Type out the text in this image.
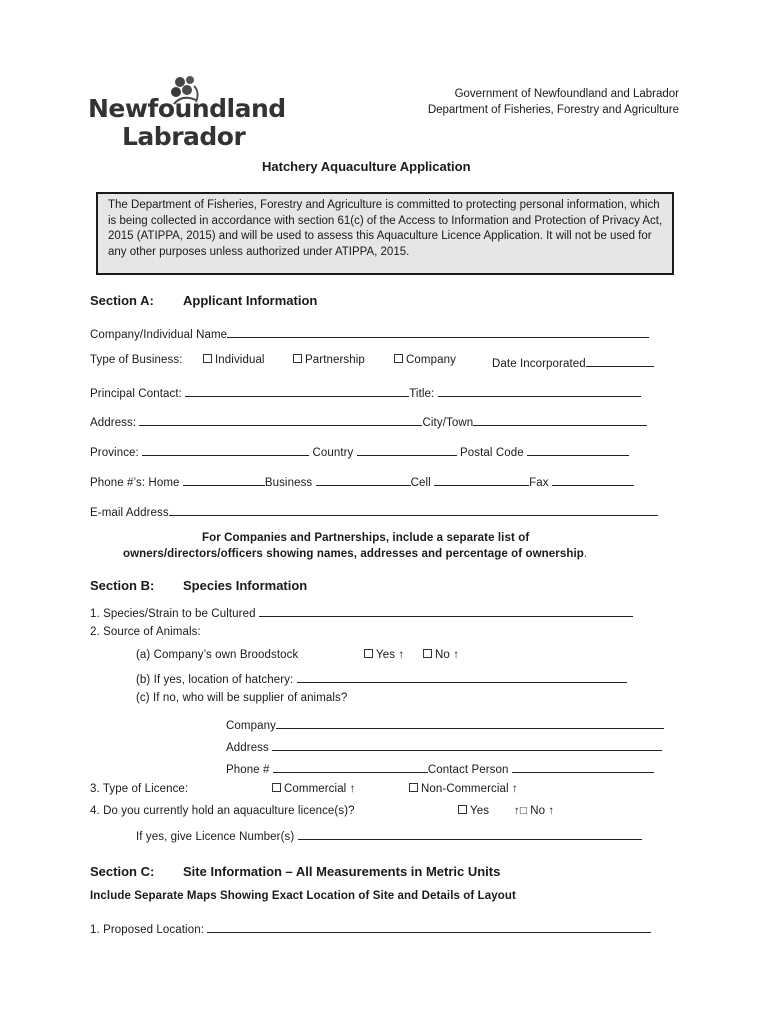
Newfoundland
Labrador
Government of Newfoundland and Labrador
Department of Fisheries, Forestry and Agriculture
Hatchery Aquaculture Application

The Department of Fisheries, Forestry and Agriculture is committed to protecting personal information, which is being collected in accordance with section 61(c) of the Access to Information and Protection of Privacy Act, 2015 (ATIPPA, 2015) and will be used to assess this Aquaculture Licence Application. It will not be used for any other purposes unless authorized under ATIPPA, 2015.

Section A: Applicant Information
Company/Individual Name
Type of Business:	Individual	Partnership	Company	Date Incorporated
Principal Contact:	Title:
Address:	City/Town
Province:	Country	Postal Code
Phone #’s: Home	Business	Cell	Fax
E-mail Address
For Companies and Partnerships, include a separate list of
owners/directors/officers showing names, addresses and percentage of ownership.
Section B: Species Information
1. Species/Strain to be Cultured
2. Source of Animals:
(a) Company’s own Broodstock	Yes ↑	No ↑
(b) If yes, location of hatchery:
(c) If no, who will be supplier of animals?
Company
Address
Phone #	Contact Person
3. Type of Licence:	Commercial ↑	Non-Commercial ↑
4. Do you currently hold an aquaculture licence(s)?	Yes ↑□ No ↑
If yes, give Licence Number(s)
Section C: Site Information – All Measurements in Metric Units
Include Separate Maps Showing Exact Location of Site and Details of Layout
1. Proposed Location:
